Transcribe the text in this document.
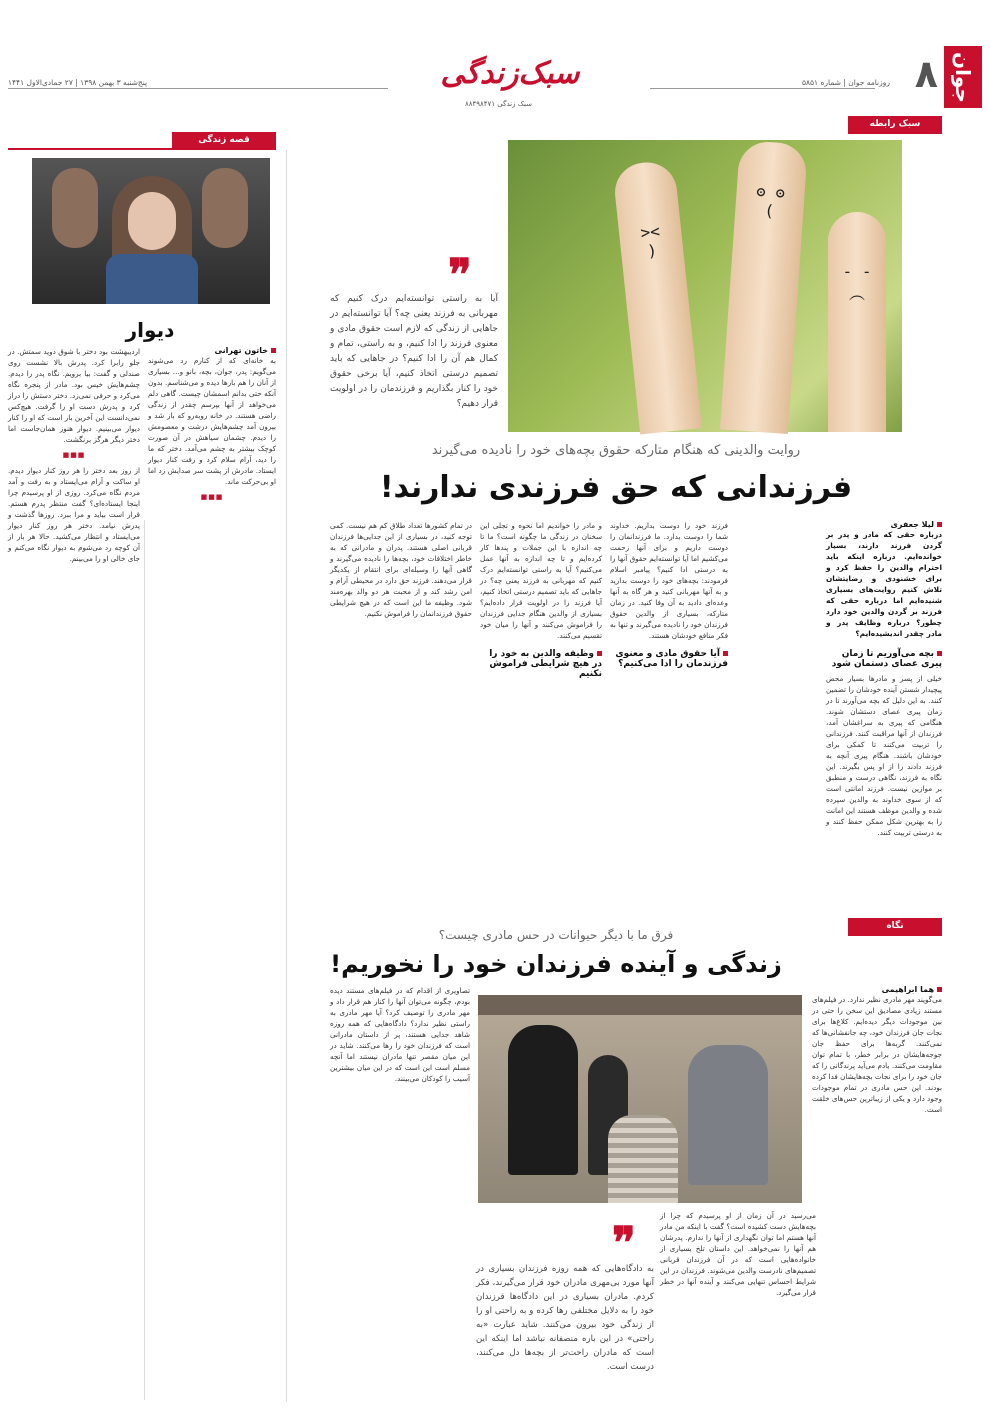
جوان
۸
روزنامه جوان | شماره ۵۸۵۱
پنج‌شنبه ۳ بهمن ۱۳۹۸ | ۲۷ جمادی‌الاول ۱۴۴۱	سبک‌زندگی
سبک زندگی ۸۸۴۹۸۴۷۱
سبک رابطه
><
(
ʘ ʘ
)
- -
︵
❞
آیا به راستی توانسته‌ایم درک کنیم که مهربانی به فرزند یعنی چه؟ آیا توانسته‌ایم در جاهایی از زندگی که لازم است حقوق مادی و معنوی فرزند را ادا کنیم، و به راستی، تمام و کمال هم آن را ادا کنیم؟ در جاهایی که باید تصمیم درستی اتخاذ کنیم، آیا برخی حقوق خود را کنار بگذاریم و فرزندمان را در اولویت قرار دهیم؟
روایت والدینی که هنگام متارکه حقوق بچه‌های خود را نادیده می‌گیرند
فرزندانی که حق فرزندی ندارند!
لیلا جعفری

درباره حقی که مادر و پدر بر گردن فرزند دارند، بسیار خوانده‌ایم. درباره اینکه باید احترام والدین را حفظ کرد و برای خشنودی و رضایتشان تلاش کنیم روایت‌های بسیاری شنیده‌ایم اما درباره حقی که فرزند بر گردن والدین خود دارد چطور؟ درباره وظایف پدر و مادر چقدر اندیشیده‌ایم؟

بچه می‌آوریم تا زمان پیری عصای دستمان شود

خیلی از پسر و مادرها بسیار محض پیچیدار شستن آینده خودشان را تضمین کنند. به این دلیل که بچه می‌آورند تا در زمان پیری عصای دستشان شوند. هنگامی که پیری به سراغشان آمد، فرزندان از آنها مراقبت کنند. فرزندانی را تربیت می‌کنند تا کمکی برای خودشان باشند. هنگام پیری آنچه به فرزند دادند را از او پس بگیرند. این نگاه به فرزند، نگاهی درست و منطبق بر موازین نیست. فرزند امانتی است که از سوی خداوند به والدین سپرده شده و والدین موظف هستند این امانت را به بهترین شکل ممکن حفظ کنند و به درستی تربیت کنند.

فرزند خود را دوست بداریم. خداوند شما را دوست بدارد. ما فرزندانمان را دوست داریم و برای آنها زحمت می‌کشیم اما آیا توانسته‌ایم حقوق آنها را به درستی ادا کنیم؟ پیامبر اسلام فرمودند: بچه‌های خود را دوست بدارید و به آنها مهربانی کنید و هر گاه به آنها وعده‌ای دادید به آن وفا کنید. در زمان متارکه، بسیاری از والدین حقوق فرزندان خود را نادیده می‌گیرند و تنها به فکر منافع خودشان هستند.

آیا حقوق مادی و معنوی فرزندمان را ادا می‌کنیم؟

و مادر را خواندیم اما نحوه و تجلی این سخنان در زندگی ما چگونه است؟ ما تا چه اندازه با این جملات و پندها کار کرده‌ایم و تا چه اندازه به آنها عمل می‌کنیم؟ آیا به راستی توانسته‌ایم درک کنیم که مهربانی به فرزند یعنی چه؟ در جاهایی که باید تصمیم درستی اتخاذ کنیم، آیا فرزند را در اولویت قرار داده‌ایم؟ بسیاری از والدین هنگام جدایی فرزندان را فراموش می‌کنند و آنها را میان خود تقسیم می‌کنند.

وظیفه والدین به خود را در هیچ شرایطی فراموش نکنیم

در تمام کشورها تعداد طلاق کم هم نیست. کمی توجه کنید، در بسیاری از این جدایی‌ها فرزندان قربانی اصلی هستند. پدران و مادرانی که به خاطر اختلافات خود، بچه‌ها را نادیده می‌گیرند و گاهی آنها را وسیله‌ای برای انتقام از یکدیگر قرار می‌دهند. فرزند حق دارد در محیطی آرام و امن رشد کند و از محبت هر دو والد بهره‌مند شود. وظیفه ما این است که در هیچ شرایطی حقوق فرزندانمان را فراموش نکنیم.

نگاه
فرق ما با دیگر حیوانات در حس مادری چیست؟
زندگی و آینده فرزندان خود را نخوریم!
هما ابراهیمی

می‌گویند مهر مادری نظیر ندارد. در فیلم‌های مستند زیادی مصادیق این سخن را حتی در بین موجودات دیگر دیده‌ایم. کلاغ‌ها برای نجات جان فرزندان خود، چه جانفشانی‌ها که نمی‌کنند. گربه‌ها برای حفظ جان جوجه‌هایشان در برابر خطر، با تمام توان مقاومت می‌کنند. یادم می‌آید پرندگانی را که جان خود را برای نجات بچه‌هایشان فدا کرده بودند. این حس مادری در تمام موجودات وجود دارد و یکی از زیباترین حس‌های خلقت است.

تصاویری از اقدام که در فیلم‌های مستند دیده بودم، چگونه می‌توان آنها را کنار هم قرار داد و مهر مادری را توصیف کرد؟ آیا مهر مادری به راستی نظیر ندارد؟ دادگاه‌هایی که همه روزه شاهد جدایی هستند، پر از داستان مادرانی است که فرزندان خود را رها می‌کنند. شاید در این میان مقصر تنها مادران نیستند اما آنچه مسلم است این است که در این میان بیشترین آسیب را کودکان می‌بینند.

❞
به دادگاه‌هایی که همه روزه فرزندان بسیاری در آنها مورد بی‌مهری مادران خود قرار می‌گیرند، فکر کردم. مادران بسیاری در این دادگاه‌ها فرزندان خود را به دلایل مختلفی رها کرده و به راحتی او را از زندگی خود بیرون می‌کنند. شاید عبارت «به راحتی» در این باره منصفانه نباشد اما اینکه این است که مادران راحت‌تر از بچه‌ها دل می‌کنند، درست است.

می‌رسید در آن زمان از او پرسیدم که چرا از بچه‌هایش دست کشیده است؟ گفت با اینکه من مادر آنها هستم اما توان نگهداری از آنها را ندارم. پدرشان هم آنها را نمی‌خواهد. این داستان تلخ بسیاری از خانواده‌هایی است که در آن فرزندان قربانی تصمیم‌های نادرست والدین می‌شوند. فرزندان در این شرایط احساس تنهایی می‌کنند و آینده آنها در خطر قرار می‌گیرد.

قصه زندگی
دیوار
خاتون تهرانی

به خانه‌ای که از کنارم رد می‌شوند می‌گویم: پدر، جوان، بچه، بانو و... بسیاری از آنان را هم بارها دیده و می‌شناسم. بدون آنکه حتی بدانم اسمشان چیست. گاهی دلم می‌خواهد از آنها بپرسم چقدر از زندگی راضی هستند. در خانه روبه‌رو که باز شد و بیرون آمد چشم‌هایش درشت و معصومش را دیدم. چشمان سیاهش در آن صورت کوچک بیشتر به چشم می‌آمد. دختر که ما را دید، آرام سلام کرد و رفت کنار دیوار ایستاد. مادرش از پشت سر صدایش زد اما او بی‌حرکت ماند.

■■■

اردیبهشت بود دختر با شوق دوید سمتش. در جلو رابرا کرد. پدرش بالا نشست روی صندلی و گفت: بیا برویم. نگاه پدر را دیدم. چشم‌هایش خیس بود. مادر از پنجره نگاه می‌کرد و حرفی نمی‌زد. دختر دستش را دراز کرد و پدرش دست او را گرفت. هیچ‌کس نمی‌دانست این آخرین بار است که او را کنار دیوار می‌بینیم. دیوار هنوز همان‌جاست اما دختر دیگر هرگز برنگشت.

■■■

از روز بعد دختر را هر روز کنار دیوار دیدم. او ساکت و آرام می‌ایستاد و به رفت و آمد مردم نگاه می‌کرد. روزی از او پرسیدم چرا اینجا ایستاده‌ای؟ گفت منتظر پدرم هستم. قرار است بیاید و مرا ببرد. روزها گذشت و پدرش نیامد. دختر هر روز کنار دیوار می‌ایستاد و انتظار می‌کشید. حالا هر بار از آن کوچه رد می‌شوم به دیوار نگاه می‌کنم و جای خالی او را می‌بینم.
